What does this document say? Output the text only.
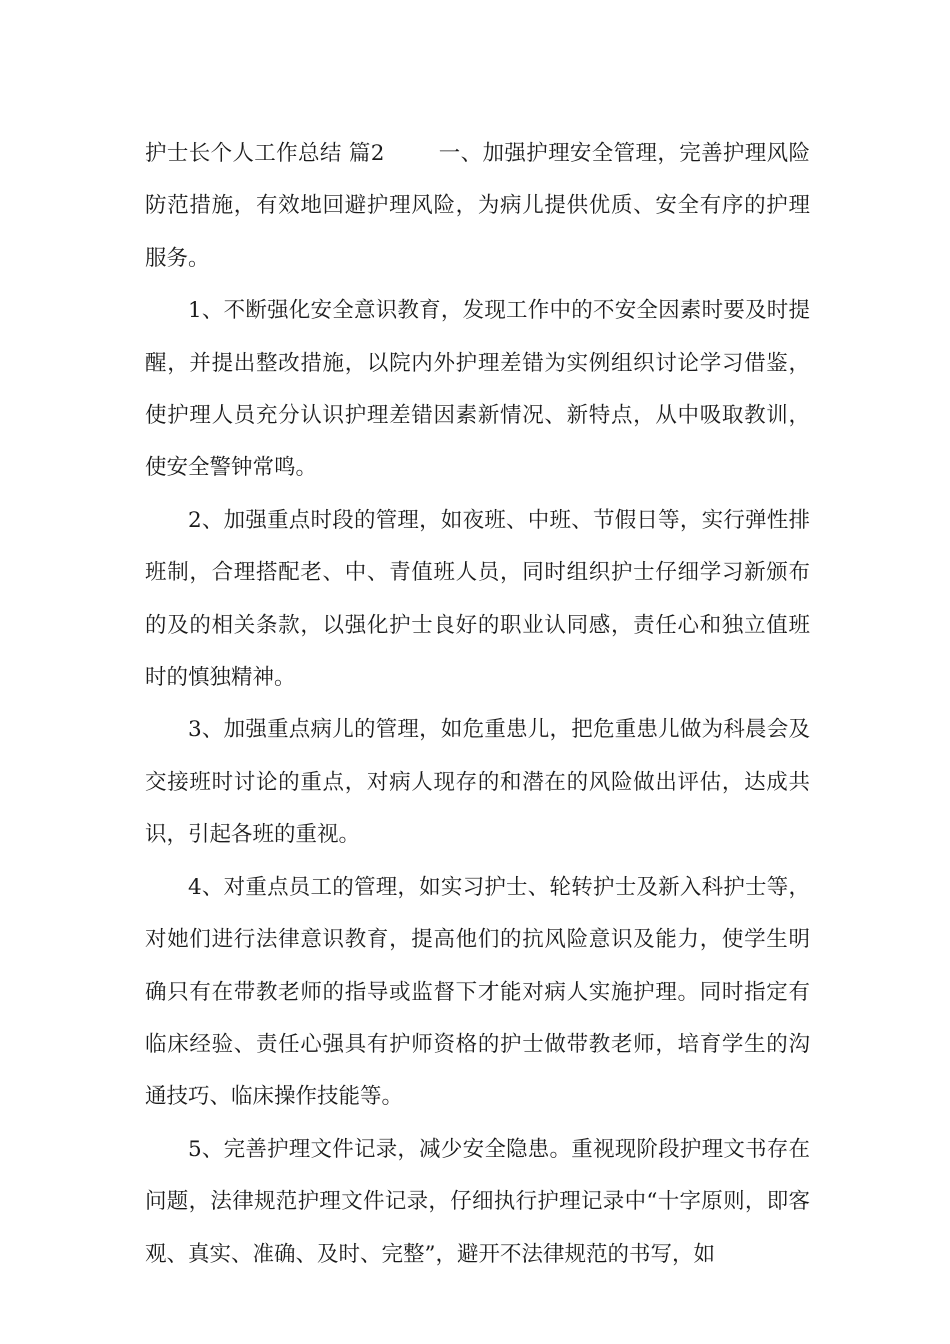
护士长个人工作总结 篇2	一、加强护理安全管理，完善护理风险防范措施，有效地回避护理风险，为病儿提供优质、安全有序的护理服务。

1、不断强化安全意识教育，发现工作中的不安全因素时要及时提醒，并提出整改措施，以院内外护理差错为实例组织讨论学习借鉴，使护理人员充分认识护理差错因素新情况、新特点，从中吸取教训，使安全警钟常鸣。

2、加强重点时段的管理，如夜班、中班、节假日等，实行弹性排班制，合理搭配老、中、青值班人员，同时组织护士仔细学习新颁布的及的相关条款，以强化护士良好的职业认同感，责任心和独立值班时的慎独精神。

3、加强重点病儿的管理，如危重患儿，把危重患儿做为科晨会及交接班时讨论的重点，对病人现存的和潜在的风险做出评估，达成共识，引起各班的重视。

4、对重点员工的管理，如实习护士、轮转护士及新入科护士等，对她们进行法律意识教育，提高他们的抗风险意识及能力，使学生明确只有在带教老师的指导或监督下才能对病人实施护理。同时指定有临床经验、责任心强具有护师资格的护士做带教老师，培育学生的沟通技巧、临床操作技能等。

5、完善护理文件记录，减少安全隐患。重视现阶段护理文书存在问题，法律规范护理文件记录，仔细执行护理记录中“十字原则，即客观、真实、准确、及时、完整”，避开不法律规范的书写，如
